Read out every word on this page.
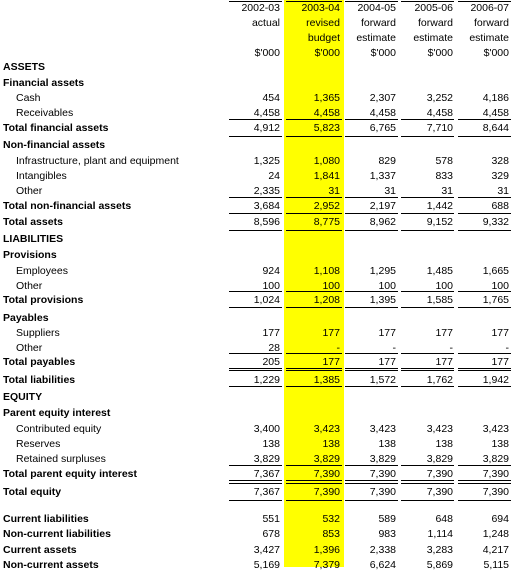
2002-03
actual
$'000
2003-04
revised
budget
$'000
2004-05
forward
estimate
$'000
2005-06
forward
estimate
$'000
2006-07
forward
estimate
$'000
ASSETS
Financial assets
Cash	454	1,365	2,307	3,252	4,186
Receivables	4,458	4,458	4,458	4,458	4,458
Total financial assets	4,912	5,823	6,765	7,710	8,644
Non-financial assets
Infrastructure, plant and equipment	1,325	1,080	829	578	328
Intangibles	24	1,841	1,337	833	329
Other	2,335	31	31	31	31
Total non-financial assets	3,684	2,952	2,197	1,442	688
Total assets	8,596	8,775	8,962	9,152	9,332
LIABILITIES
Provisions
Employees	924	1,108	1,295	1,485	1,665
Other	100	100	100	100	100
Total provisions	1,024	1,208	1,395	1,585	1,765
Payables
Suppliers	177	177	177	177	177
Other	28	-	-	-	-
Total payables	205	177	177	177	177
Total liabilities	1,229	1,385	1,572	1,762	1,942
EQUITY
Parent equity interest
Contributed equity	3,400	3,423	3,423	3,423	3,423
Reserves	138	138	138	138	138
Retained surpluses	3,829	3,829	3,829	3,829	3,829
Total parent equity interest	7,367	7,390	7,390	7,390	7,390
Total equity	7,367	7,390	7,390	7,390	7,390
Current liabilities	551	532	589	648	694
Non-current liabilities	678	853	983	1,114	1,248
Current assets	3,427	1,396	2,338	3,283	4,217
Non-current assets	5,169	7,379	6,624	5,869	5,115
